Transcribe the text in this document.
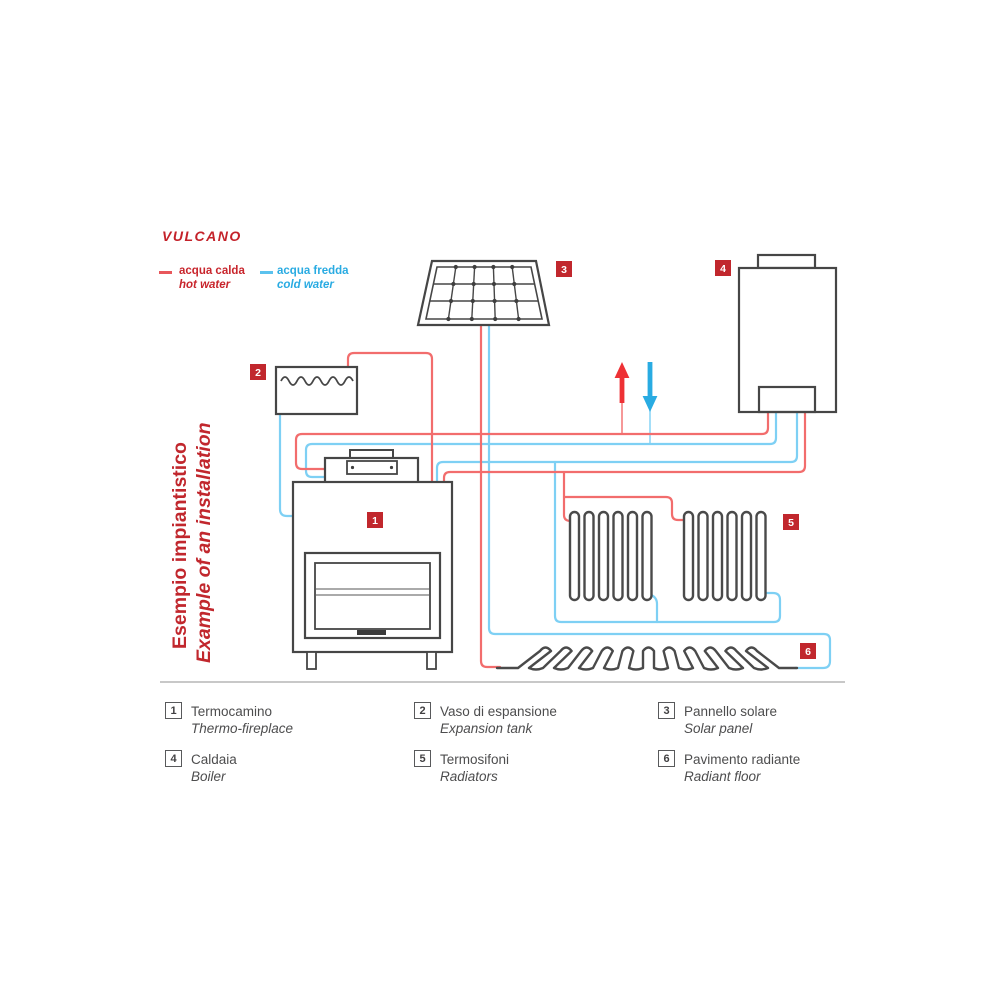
1
2
3	4
5
6
Esempio impiantistico Example of an installation
VULCANO
acqua calda
hot water
acqua fredda
cold water
1	Termocamino
Thermo-fireplace
2	Vaso di espansione
Expansion tank
3	Pannello solare
Solar panel
4	Caldaia
Boiler
5	Termosifoni
Radiators
6	Pavimento radiante
Radiant floor
